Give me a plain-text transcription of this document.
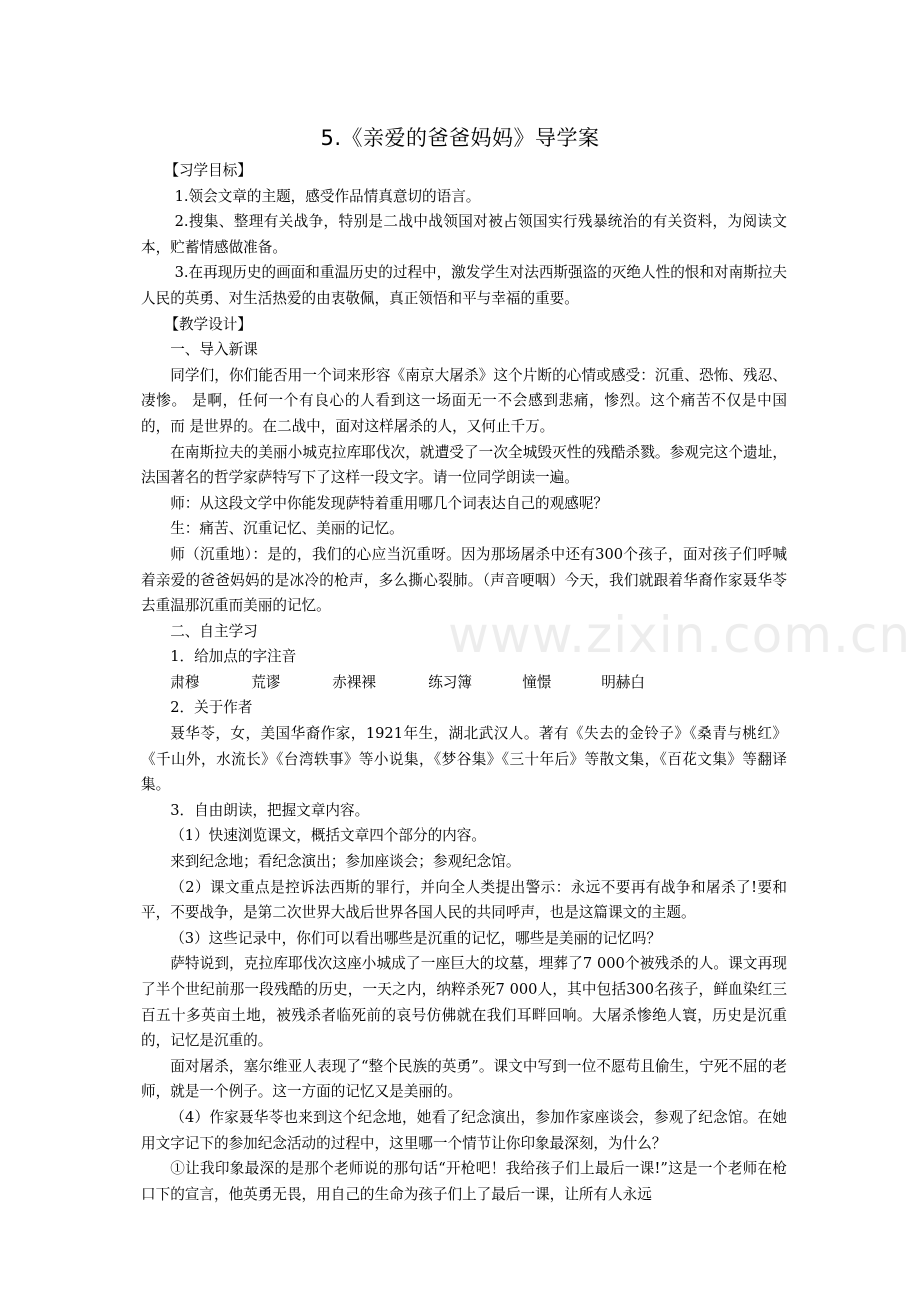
5.《亲爱的爸爸妈妈》导学案
www.zixin.com.cn

【习学目标】

1.领会文章的主题，感受作品情真意切的语言。

2.搜集、整理有关战争，特别是二战中战领国对被占领国实行残暴统治的有关资料，为阅读文本，贮蓄情感做准备。

3.在再现历史的画面和重温历史的过程中，激发学生对法西斯强盗的灭绝人性的恨和对南斯拉夫人民的英勇、对生活热爱的由衷敬佩，真正领悟和平与幸福的重要。

【教学设计】

一、导入新课

同学们，你们能否用一个词来形容《南京大屠杀》这个片断的心情或感受：沉重、恐怖、残忍、凄惨。 是啊，任何一个有良心的人看到这一场面无一不会感到悲痛，惨烈。这个痛苦不仅是中国的，而 是世界的。在二战中，面对这样屠杀的人，又何止千万。

在南斯拉夫的美丽小城克拉库耶伐次，就遭受了一次全城毁灭性的残酷杀戮。参观完这个遗址， 法国著名的哲学家萨特写下了这样一段文字。请一位同学朗读一遍。

师：从这段文学中你能发现萨特着重用哪几个词表达自己的观感呢？

生：痛苦、沉重记忆、美丽的记忆。

师（沉重地）：是的，我们的心应当沉重呀。因为那场屠杀中还有300个孩子，面对孩子们呼喊着亲爱的爸爸妈妈的是冰冷的枪声，多么撕心裂肺。（声音哽咽）今天，我们就跟着华裔作家聂华苓去重温那沉重而美丽的记忆。

二、自主学习

1．给加点的字注音

肃穆	荒谬	赤裸裸	练习簿	憧憬	明赫白

2．关于作者

聂华苓，女，美国华裔作家，1921年生，湖北武汉人。著有《失去的金铃子》《桑青与桃红》《千山外，水流长》《台湾轶事》等小说集，《梦谷集》《三十年后》等散文集，《百花文集》等翻译集。

3．自由朗读，把握文章内容。

（1）快速浏览课文，概括文章四个部分的内容。

来到纪念地；看纪念演出；参加座谈会；参观纪念馆。

（2）课文重点是控诉法西斯的罪行，并向全人类提出警示：永远不要再有战争和屠杀了!要和平，不要战争，是第二次世界大战后世界各国人民的共同呼声，也是这篇课文的主题。

（3）这些记录中，你们可以看出哪些是沉重的记忆，哪些是美丽的记忆吗？

萨特说到，克拉库耶伐次这座小城成了一座巨大的坟墓，埋葬了7 000个被残杀的人。课文再现了半个世纪前那一段残酷的历史，一天之内，纳粹杀死7 000人，其中包括300名孩子，鲜血染红三百五十多英亩土地，被残杀者临死前的哀号仿佛就在我们耳畔回响。大屠杀惨绝人寰，历史是沉重的，记忆是沉重的。

面对屠杀，塞尔维亚人表现了“整个民族的英勇”。课文中写到一位不愿苟且偷生，宁死不屈的老师，就是一个例子。这一方面的记忆又是美丽的。

（4）作家聂华苓也来到这个纪念地，她看了纪念演出，参加作家座谈会，参观了纪念馆。在她用文字记下的参加纪念活动的过程中，这里哪一个情节让你印象最深刻，为什么？

①让我印象最深的是那个老师说的那句话“开枪吧！我给孩子们上最后一课!”这是一个老师在枪口下的宣言，他英勇无畏，用自己的生命为孩子们上了最后一课，让所有人永远
